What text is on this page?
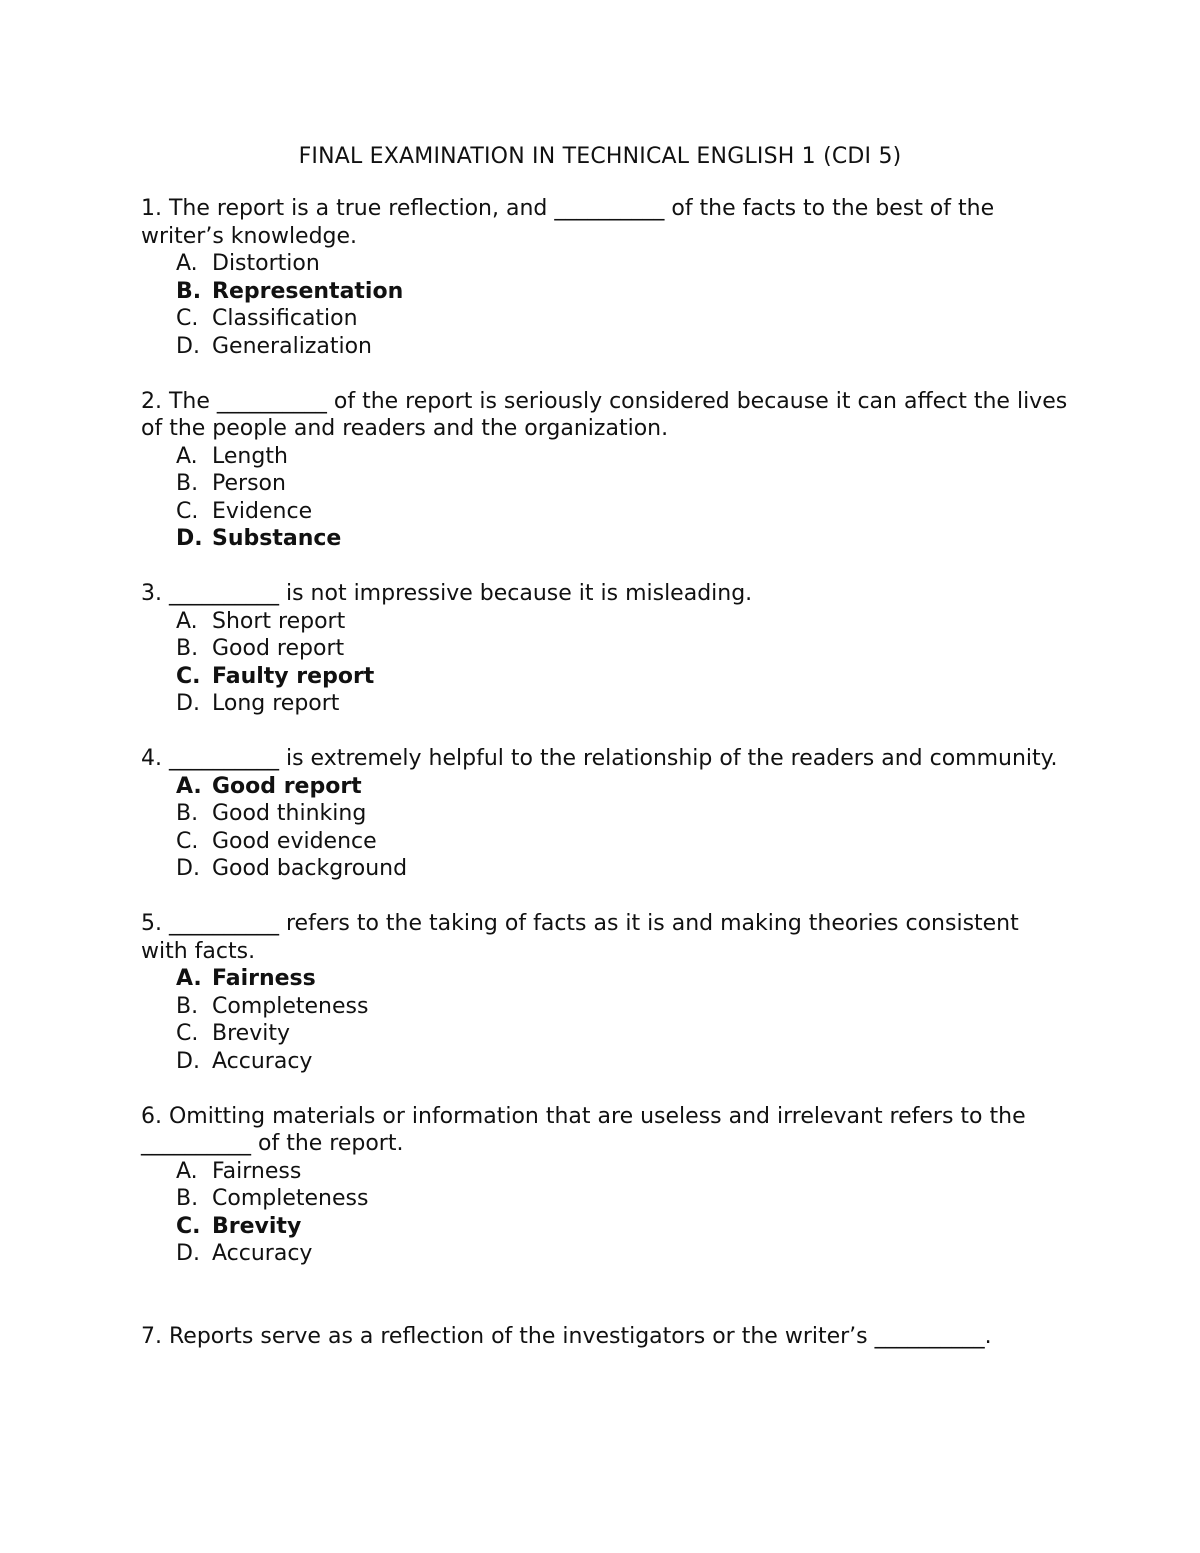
FINAL EXAMINATION IN TECHNICAL ENGLISH 1 (CDI 5)

1. The report is a true reflection, and __________ of the facts to the best of the writer’s knowledge.

A. Distortion
B. Representation
C. Classification
D. Generalization

2. The __________ of the report is seriously considered because it can affect the lives of the people and readers and the organization.

A. Length
B. Person
C. Evidence
D. Substance

3. __________ is not impressive because it is misleading.

A. Short report
B. Good report
C. Faulty report
D. Long report

4. __________ is extremely helpful to the relationship of the readers and community.

A. Good report
B. Good thinking
C. Good evidence
D. Good background

5. __________ refers to the taking of facts as it is and making theories consistent with facts.

A. Fairness
B. Completeness
C. Brevity
D. Accuracy

6. Omitting materials or information that are useless and irrelevant refers to the __________ of the report.

A. Fairness
B. Completeness
C. Brevity
D. Accuracy

7. Reports serve as a reflection of the investigators or the writer’s __________.
